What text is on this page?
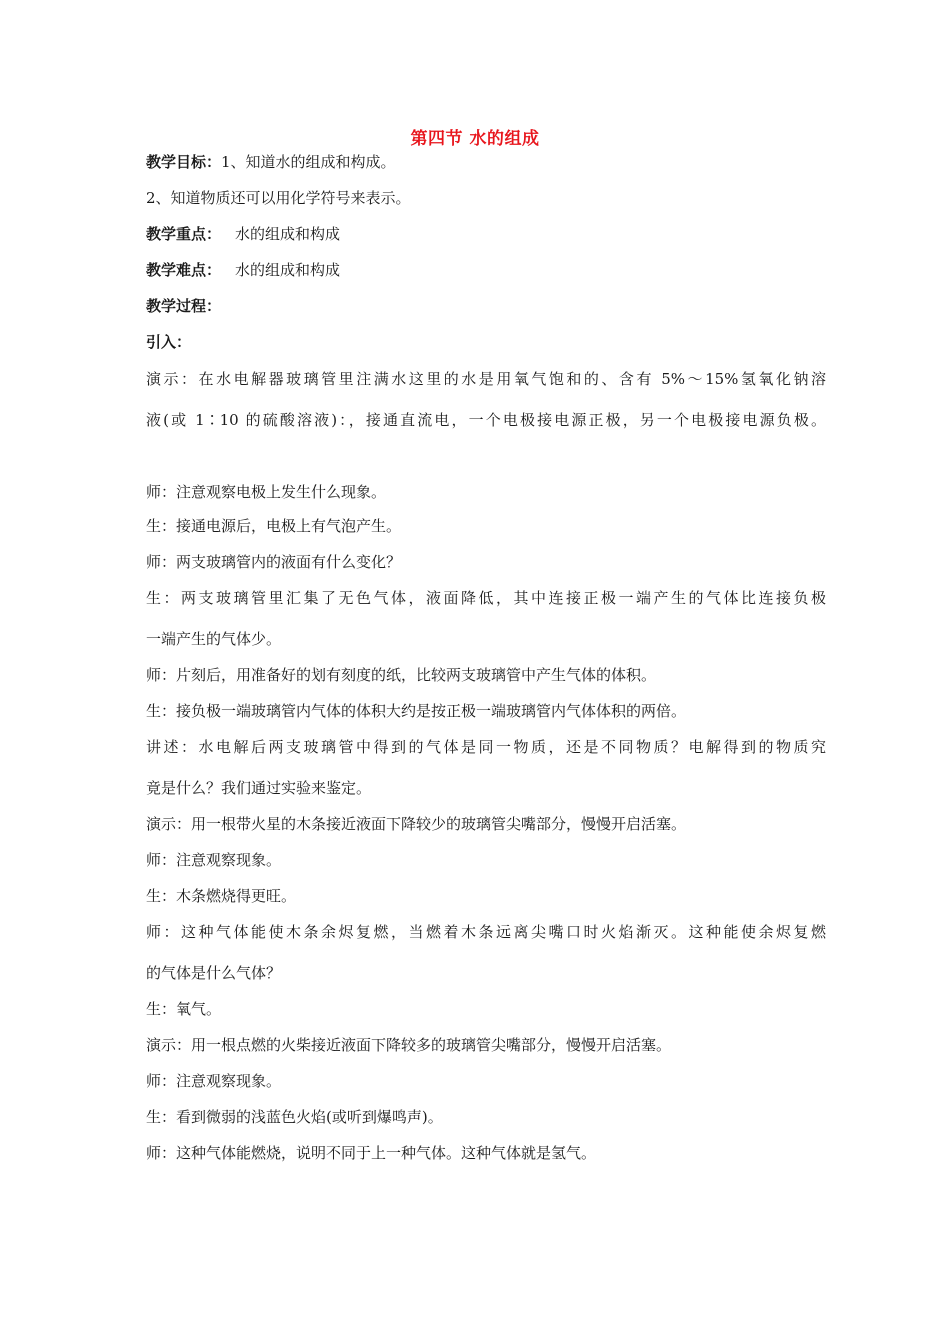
第四节 水的组成
教学目标：1、知道水的组成和构成。
2、知道物质还可以用化学符号来表示。
教学重点： 水的组成和构成
教学难点： 水的组成和构成
教学过程：
引入：
演示：在水电解器玻璃管里注满水这里的水是用氧气饱和的、含有 5%～15%氢氧化钠溶
液(或 1∶10 的硫酸溶液)：，接通直流电，一个电极接电源正极，另一个电极接电源负极。
师：注意观察电极上发生什么现象。
生：接通电源后，电极上有气泡产生。
师：两支玻璃管内的液面有什么变化？
生：两支玻璃管里汇集了无色气体，液面降低，其中连接正极一端产生的气体比连接负极
一端产生的气体少。
师：片刻后，用准备好的划有刻度的纸，比较两支玻璃管中产生气体的体积。
生：接负极一端玻璃管内气体的体积大约是按正极一端玻璃管内气体体积的两倍。
讲述：水电解后两支玻璃管中得到的气体是同一物质，还是不同物质？电解得到的物质究
竟是什么？我们通过实验来鉴定。
演示：用一根带火星的木条接近液面下降较少的玻璃管尖嘴部分，慢慢开启活塞。
师：注意观察现象。
生：木条燃烧得更旺。
师：这种气体能使木条余烬复燃，当燃着木条远离尖嘴口时火焰渐灭。这种能使余烬复燃
的气体是什么气体？
生：氧气。
演示：用一根点燃的火柴接近液面下降较多的玻璃管尖嘴部分，慢慢开启活塞。
师：注意观察现象。
生：看到微弱的浅蓝色火焰(或听到爆鸣声)。
师：这种气体能燃烧，说明不同于上一种气体。这种气体就是氢气。
